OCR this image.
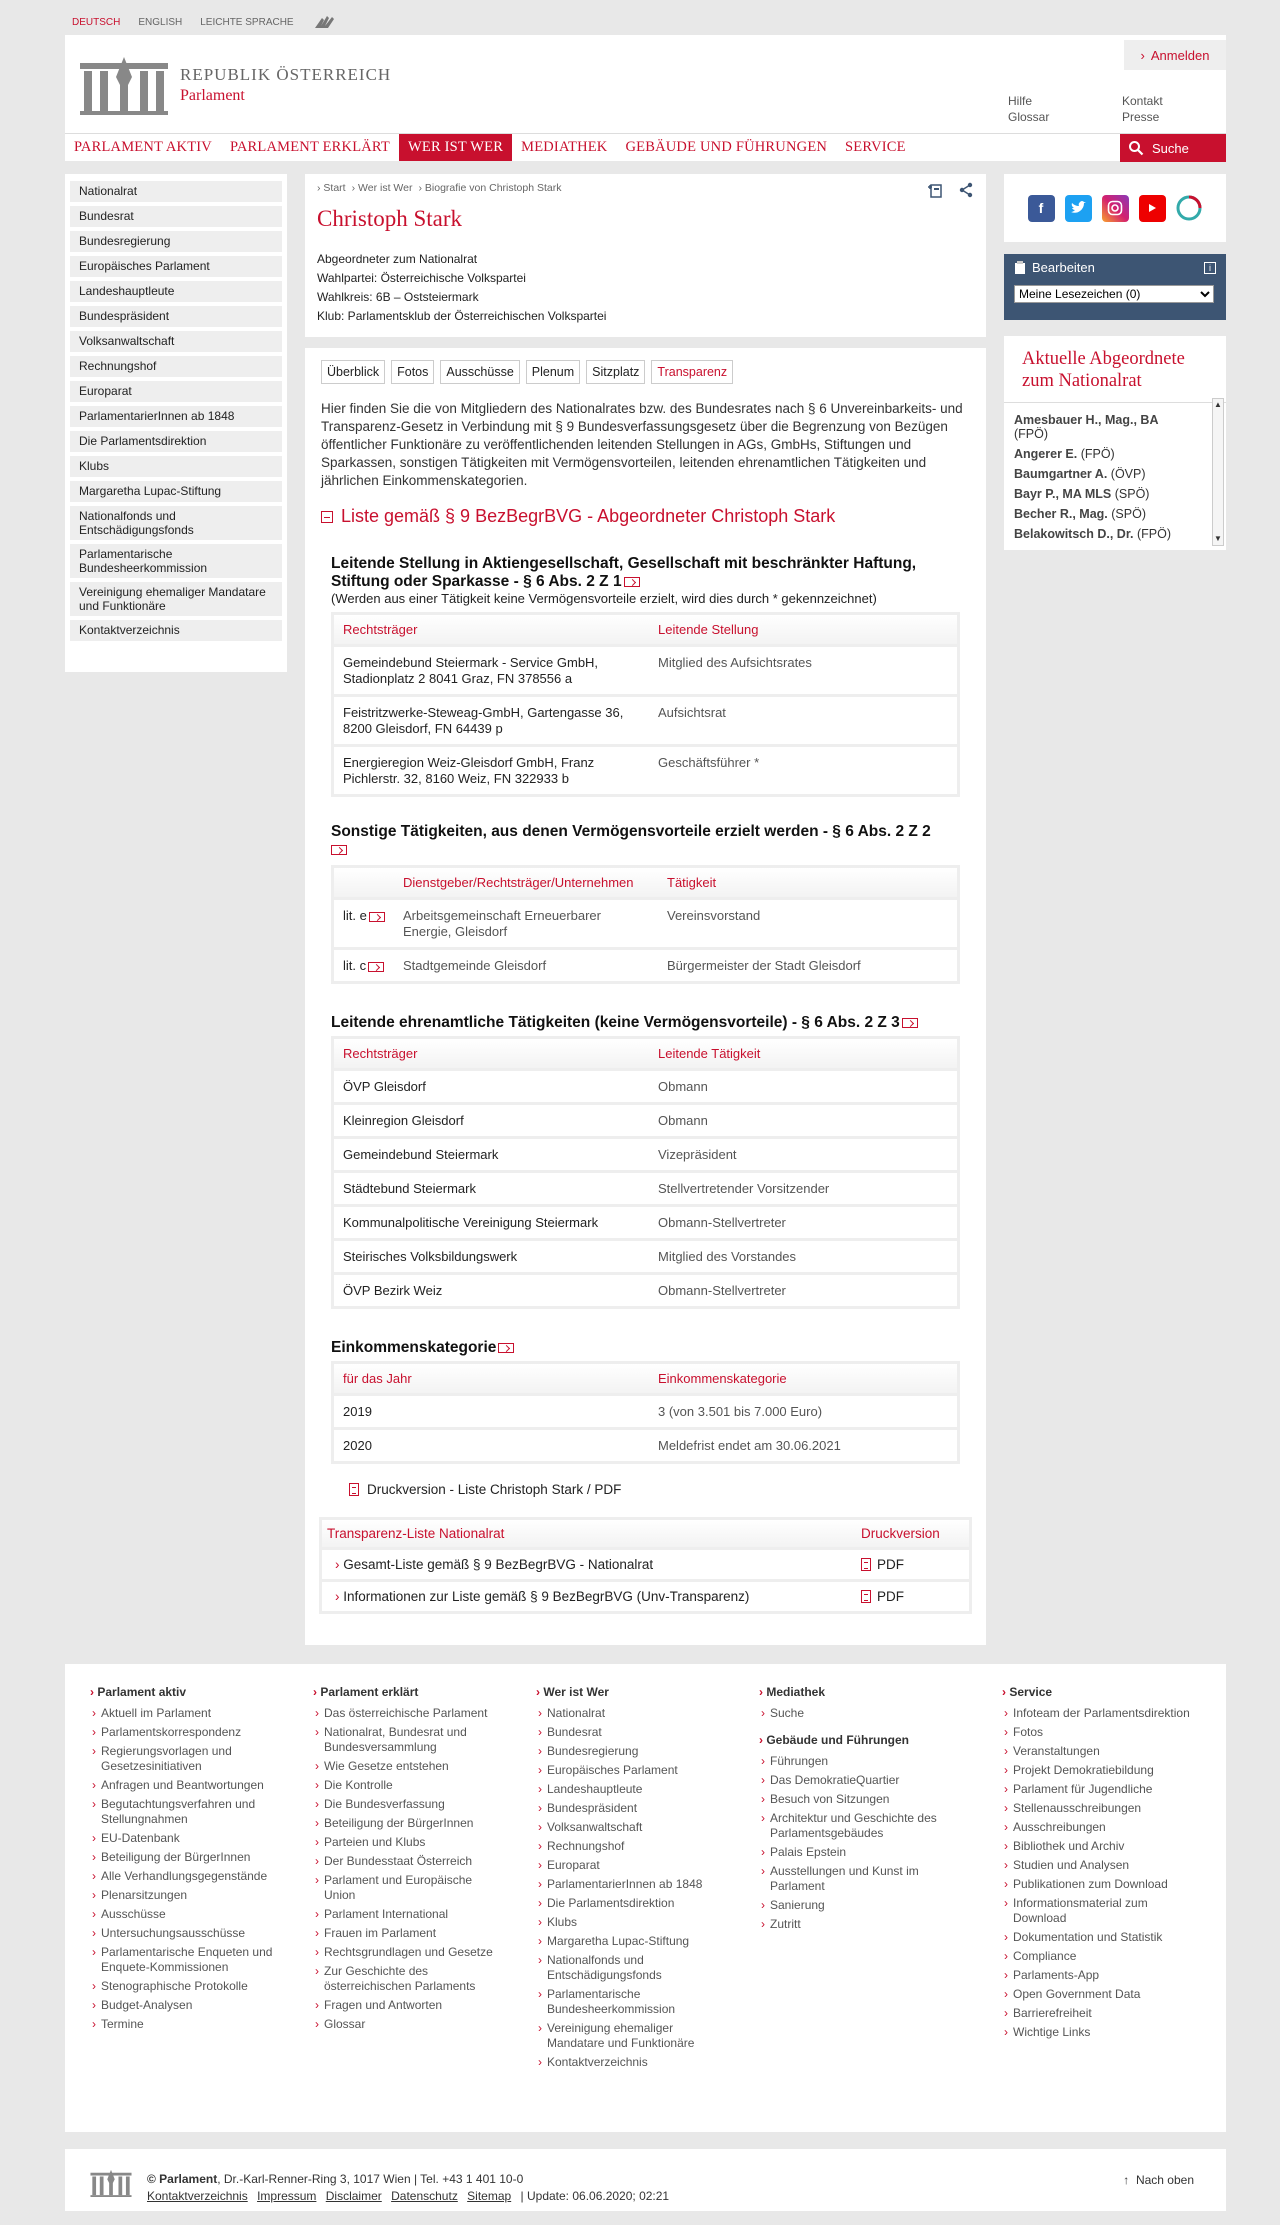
DEUTSCH ENGLISH LEICHTE SPRACHE
REPUBLIK ÖSTERREICH
Parlament
› Anmelden
Hilfe
Glossar
Kontakt
Presse
PARLAMENT AKTIV	PARLAMENT ERKLÄRT	WER IST WER	MEDIATHEK	GEBÄUDE UND FÜHRUNGEN	SERVICE	Suche
Nationalrat
Bundesrat
Bundesregierung
Europäisches Parlament
Landeshauptleute
Bundespräsident
Volksanwaltschaft
Rechnungshof
Europarat
ParlamentarierInnen ab 1848
Die Parlamentsdirektion
Klubs
Margaretha Lupac-Stiftung
Nationalfonds und Entschädigungsfonds
Parlamentarische Bundesheerkommission
Vereinigung ehemaliger Mandatare und Funktionäre
Kontaktverzeichnis
› Start	› Wer ist Wer	› Biografie von Christoph Stark
Christoph Stark
Abgeordneter zum Nationalrat
Wahlpartei: Österreichische Volkspartei
Wahlkreis: 6B – Oststeiermark
Klub: Parlamentsklub der Österreichischen Volkspartei
Überblick	Fotos	Ausschüsse	Plenum	Sitzplatz	Transparenz

Hier finden Sie die von Mitgliedern des Nationalrates bzw. des Bundesrates nach § 6 Unvereinbarkeits- und Transparenz-Gesetz in Verbindung mit § 9 Bundesverfassungsgesetz über die Begrenzung von Bezügen öffentlicher Funktionäre zu veröffentlichenden leitenden Stellungen in AGs, GmbHs, Stiftungen und Sparkassen, sonstigen Tätigkeiten mit Vermögensvorteilen, leitenden ehrenamtlichen Tätigkeiten und jährlichen Einkommenskategorien.

Liste gemäß § 9 BezBegrBVG - Abgeordneter Christoph Stark
Leitende Stellung in Aktiengesellschaft, Gesellschaft mit beschränkter Haftung, Stiftung oder Sparkasse - § 6 Abs. 2 Z 1
(Werden aus einer Tätigkeit keine Vermögensvorteile erzielt, wird dies durch * gekennzeichnet)
Rechtsträger	Leitende Stellung
Gemeindebund Steiermark - Service GmbH, Stadionplatz 2 8041 Graz, FN 378556 a	Mitglied des Aufsichtsrates
Feistritzwerke-Steweag-GmbH, Gartengasse 36, 8200 Gleisdorf, FN 64439 p	Aufsichtsrat
Energieregion Weiz-Gleisdorf GmbH, Franz Pichlerstr. 32, 8160 Weiz, FN 322933 b	Geschäftsführer *
Sonstige Tätigkeiten, aus denen Vermögensvorteile erzielt werden - § 6 Abs. 2 Z 2

	Dienstgeber/Rechtsträger/Unternehmen	Tätigkeit
lit. e	Arbeitsgemeinschaft Erneuerbarer Energie, Gleisdorf	Vereinsvorstand
lit. c	Stadtgemeinde Gleisdorf	Bürgermeister der Stadt Gleisdorf
Leitende ehrenamtliche Tätigkeiten (keine Vermögensvorteile) - § 6 Abs. 2 Z 3
Rechtsträger	Leitende Tätigkeit
ÖVP Gleisdorf	Obmann
Kleinregion Gleisdorf	Obmann
Gemeindebund Steiermark	Vizepräsident
Städtebund Steiermark	Stellvertretender Vorsitzender
Kommunalpolitische Vereinigung Steiermark	Obmann-Stellvertreter
Steirisches Volksbildungswerk	Mitglied des Vorstandes
ÖVP Bezirk Weiz	Obmann-Stellvertreter
Einkommenskategorie
für das Jahr	Einkommenskategorie
2019	3 (von 3.501 bis 7.000 Euro)
2020	Meldefrist endet am 30.06.2021
Druckversion - Liste Christoph Stark / PDF
Transparenz-Liste Nationalrat	Druckversion
› Gesamt-Liste gemäß § 9 BezBegrBVG - Nationalrat	PDF
› Informationen zur Liste gemäß § 9 BezBegrBVG (Unv-Transparenz)	PDF
f
Bearbeiten	i
Meine Lesezeichen (0)
Aktuelle Abgeordnete zum Nationalrat
Amesbauer H., Mag., BA
(FPÖ)
Angerer E. (FPÖ)
Baumgartner A. (ÖVP)
Bayr P., MA MLS (SPÖ)
Becher R., Mag. (SPÖ)
Belakowitsch D., Dr. (FPÖ)
▲
▼
› Parlament aktiv
› Aktuell im Parlament
› Parlamentskorrespondenz
› Regierungsvorlagen und Gesetzesinitiativen
› Anfragen und Beantwortungen
› Begutachtungsverfahren und Stellungnahmen
› EU-Datenbank
› Beteiligung der BürgerInnen
› Alle Verhandlungsgegenstände
› Plenarsitzungen
› Ausschüsse
› Untersuchungsausschüsse
› Parlamentarische Enqueten und Enquete-Kommissionen
› Stenographische Protokolle
› Budget-Analysen
› Termine
› Parlament erklärt
› Das österreichische Parlament
› Nationalrat, Bundesrat und Bundesversammlung
› Wie Gesetze entstehen
› Die Kontrolle
› Die Bundesverfassung
› Beteiligung der BürgerInnen
› Parteien und Klubs
› Der Bundesstaat Österreich
› Parlament und Europäische Union
› Parlament International
› Frauen im Parlament
› Rechtsgrundlagen und Gesetze
› Zur Geschichte des österreichischen Parlaments
› Fragen und Antworten
› Glossar
› Wer ist Wer
› Nationalrat
› Bundesrat
› Bundesregierung
› Europäisches Parlament
› Landeshauptleute
› Bundespräsident
› Volksanwaltschaft
› Rechnungshof
› Europarat
› ParlamentarierInnen ab 1848
› Die Parlamentsdirektion
› Klubs
› Margaretha Lupac-Stiftung
› Nationalfonds und Entschädigungsfonds
› Parlamentarische Bundesheerkommission
› Vereinigung ehemaliger Mandatare und Funktionäre
› Kontaktverzeichnis
› Mediathek
› Suche
› Gebäude und Führungen
› Führungen
› Das DemokratieQuartier
› Besuch von Sitzungen
› Architektur und Geschichte des Parlamentsgebäudes
› Palais Epstein
› Ausstellungen und Kunst im Parlament
› Sanierung
› Zutritt
› Service
› Infoteam der Parlamentsdirektion
› Fotos
› Veranstaltungen
› Projekt Demokratiebildung
› Parlament für Jugendliche
› Stellenausschreibungen
› Ausschreibungen
› Bibliothek und Archiv
› Studien und Analysen
› Publikationen zum Download
› Informationsmaterial zum Download
› Dokumentation und Statistik
› Compliance
› Parlaments-App
› Open Government Data
› Barrierefreiheit
› Wichtige Links
© Parlament, Dr.-Karl-Renner-Ring 3, 1017 Wien | Tel. +43 1 401 10-0
Kontaktverzeichnis Impressum Disclaimer Datenschutz Sitemap | Update: 06.06.2020; 02:21
↑ Nach oben
